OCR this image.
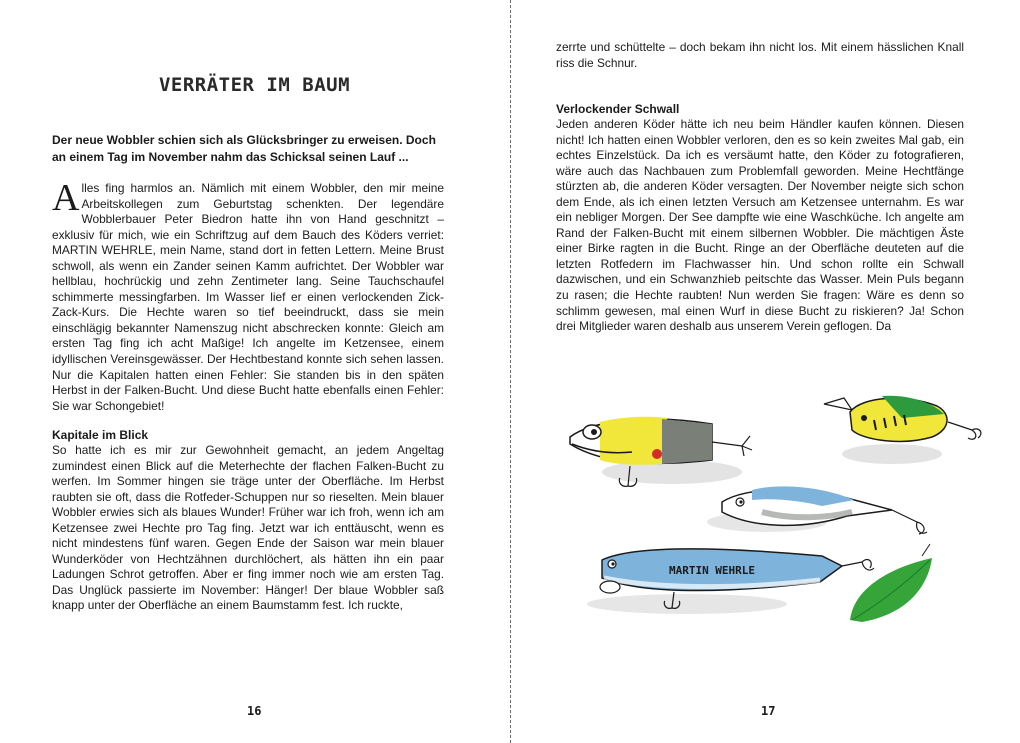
VERRÄTER IM BAUM

Der neue Wobbler schien sich als Glücksbringer zu erweisen. Doch an einem Tag im November nahm das Schicksal seinen Lauf ...

Alles fing harmlos an. Nämlich mit einem Wobbler, den mir meine Arbeitskollegen zum Geburtstag schenkten. Der legendäre Wobblerbauer Peter Biedron hatte ihn von Hand geschnitzt – exklusiv für mich, wie ein Schriftzug auf dem Bauch des Köders verriet: MARTIN WEHRLE, mein Name, stand dort in fetten Lettern. Meine Brust schwoll, als wenn ein Zander seinen Kamm aufrichtet. Der Wobbler war hellblau, hochrückig und zehn Zentimeter lang. Seine Tauchschaufel schimmerte messingfarben. Im Wasser lief er einen verlockenden Zick-Zack-Kurs. Die Hechte waren so tief beeindruckt, dass sie mein einschlägig bekannter Namenszug nicht abschrecken konnte: Gleich am ersten Tag fing ich acht Maßige! Ich angelte im Ketzensee, einem idyllischen Vereinsgewässer. Der Hechtbestand konnte sich sehen lassen. Nur die Kapitalen hatten einen Fehler: Sie standen bis in den späten Herbst in der Falken-Bucht. Und diese Bucht hatte ebenfalls einen Fehler: Sie war Schongebiet!

Kapitale im Blick

So hatte ich es mir zur Gewohnheit gemacht, an jedem Angeltag zumindest einen Blick auf die Meterhechte der flachen Falken-Bucht zu werfen. Im Sommer hingen sie träge unter der Oberfläche. Im Herbst raubten sie oft, dass die Rotfeder-Schuppen nur so rieselten. Mein blauer Wobbler erwies sich als blaues Wunder! Früher war ich froh, wenn ich am Ketzensee zwei Hechte pro Tag fing. Jetzt war ich enttäuscht, wenn es nicht mindestens fünf waren. Gegen Ende der Saison war mein blauer Wunderköder von Hechtzähnen durchlöchert, als hätten ihn ein paar Ladungen Schrot getroffen. Aber er fing immer noch wie am ersten Tag. Das Unglück passierte im November: Hänger! Der blaue Wobbler saß knapp unter der Oberfläche an einem Baumstamm fest. Ich ruckte,

16

zerrte und schüttelte – doch bekam ihn nicht los. Mit einem hässlichen Knall riss die Schnur.

Verlockender Schwall

Jeden anderen Köder hätte ich neu beim Händler kaufen können. Diesen nicht! Ich hatten einen Wobbler verloren, den es so kein zweites Mal gab, ein echtes Einzelstück. Da ich es versäumt hatte, den Köder zu fotografieren, wäre auch das Nachbauen zum Problemfall geworden. Meine Hechtfänge stürzten ab, die anderen Köder versagten. Der November neigte sich schon dem Ende, als ich einen letzten Versuch am Ketzensee unternahm. Es war ein nebliger Morgen. Der See dampfte wie eine Waschküche. Ich angelte am Rand der Falken-Bucht mit einem silbernen Wobbler. Die mächtigen Äste einer Birke ragten in die Bucht. Ringe an der Oberfläche deuteten auf die letzten Rotfedern im Flachwasser hin. Und schon rollte ein Schwall dazwischen, und ein Schwanzhieb peitschte das Wasser. Mein Puls begann zu rasen; die Hechte raubten! Nun werden Sie fragen: Wäre es denn so schlimm gewesen, mal einen Wurf in diese Bucht zu riskieren? Ja! Schon drei Mitglieder waren deshalb aus unserem Verein geflogen. Da

MARTIN WEHRLE
17
